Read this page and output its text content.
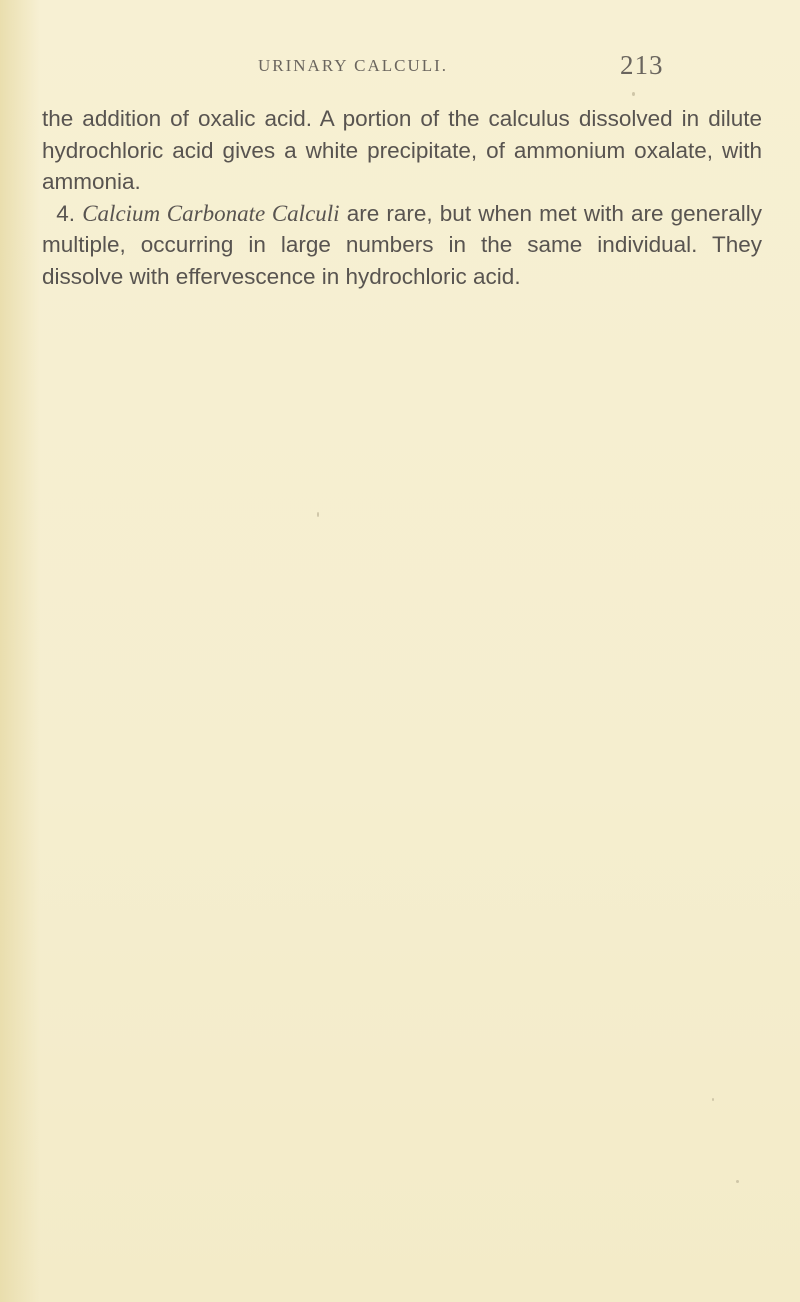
URINARY CALCULI.	213

the addition of oxalic acid. A portion of the calculus dissolved in dilute hydrochloric acid gives a white precipitate, of ammonium oxalate, with ammonia.

4. Calcium Carbonate Calculi are rare, but when met with are generally multiple, occurring in large numbers in the same individual. They dissolve with effervescence in hydrochloric acid.
